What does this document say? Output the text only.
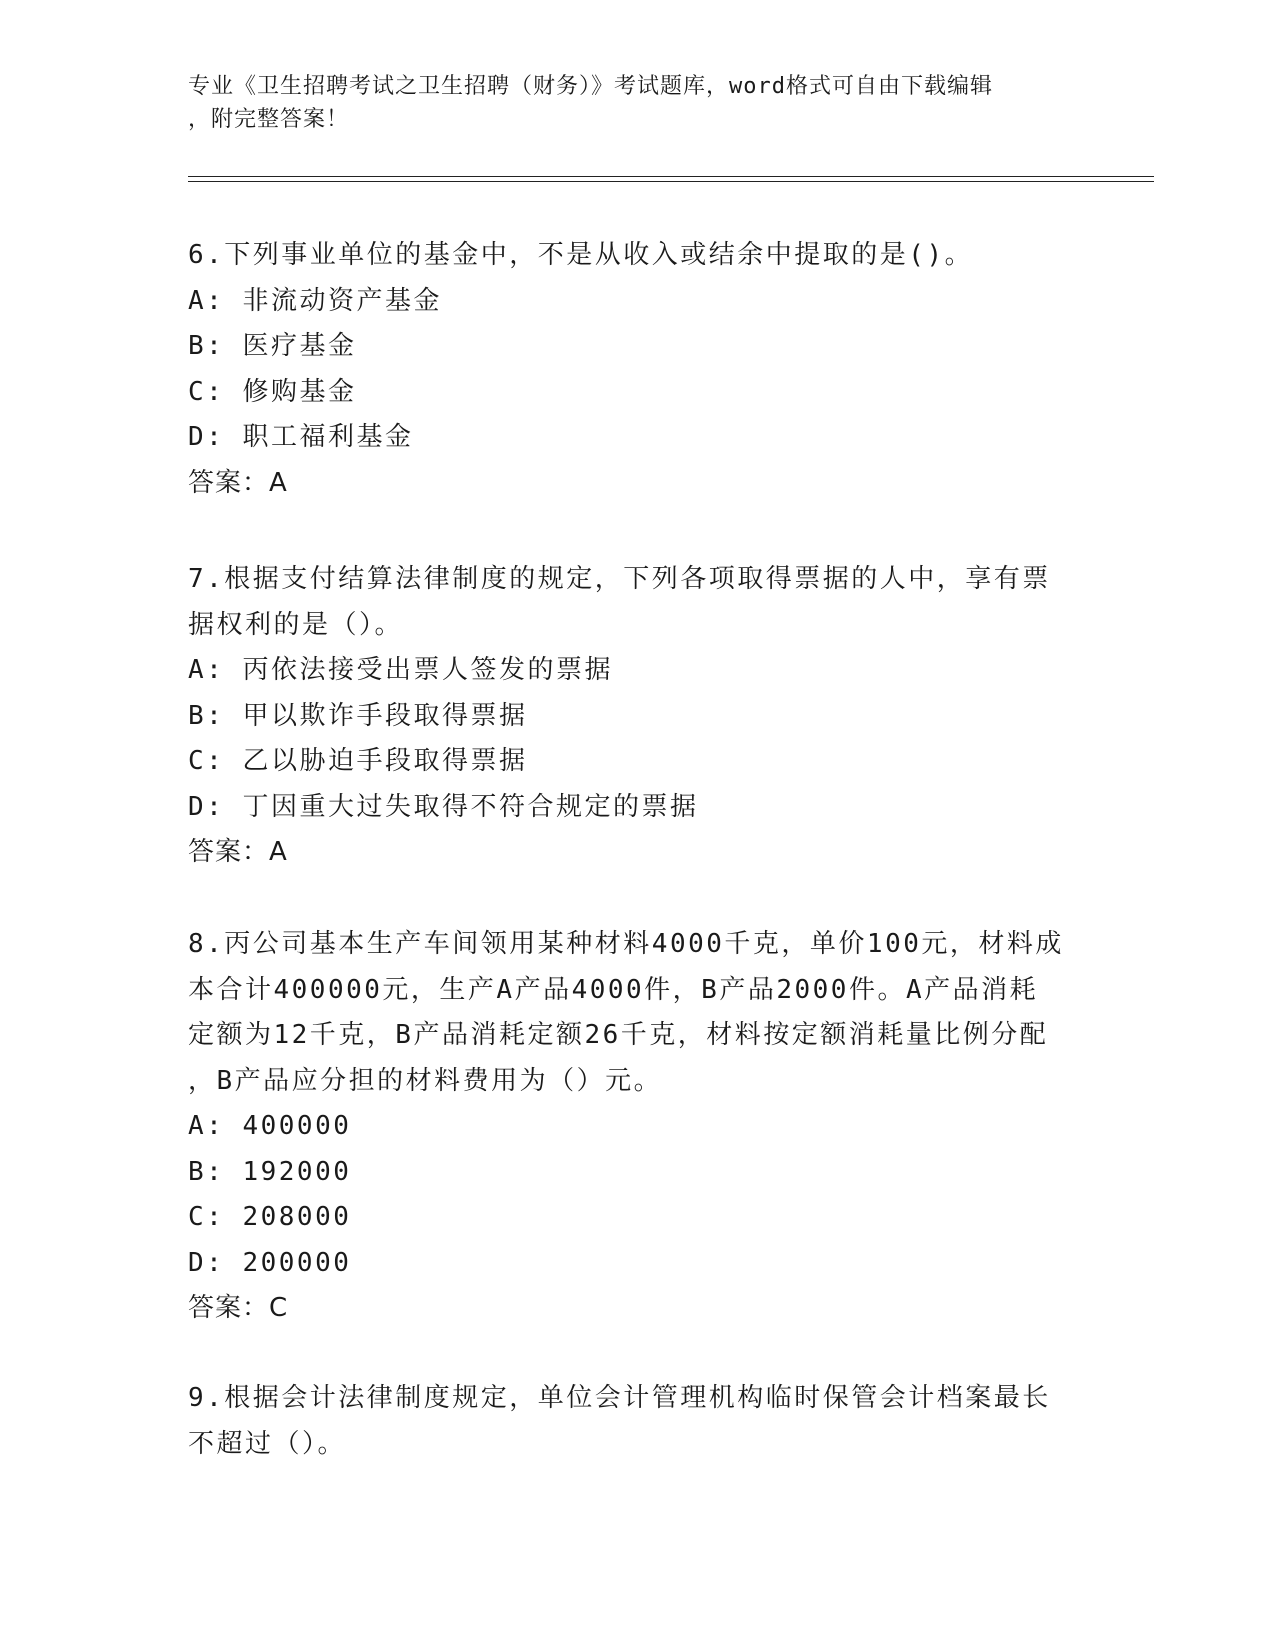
专业《卫生招聘考试之卫生招聘（财务）》考试题库，word格式可自由下载编辑
，附完整答案！
6.下列事业单位的基金中，不是从收入或结余中提取的是()。
A: 非流动资产基金
B: 医疗基金
C: 修购基金
D: 职工福利基金
答案：A
7.根据支付结算法律制度的规定，下列各项取得票据的人中，享有票
据权利的是（）。
A: 丙依法接受出票人签发的票据
B: 甲以欺诈手段取得票据
C: 乙以胁迫手段取得票据
D: 丁因重大过失取得不符合规定的票据
答案：A
8.丙公司基本生产车间领用某种材料4000千克，单价100元，材料成
本合计400000元，生产A产品4000件，B产品2000件。A产品消耗
定额为12千克，B产品消耗定额26千克，材料按定额消耗量比例分配
，B产品应分担的材料费用为（）元。
A: 400000
B: 192000
C: 208000
D: 200000
答案：C
9.根据会计法律制度规定，单位会计管理机构临时保管会计档案最长
不超过（）。
